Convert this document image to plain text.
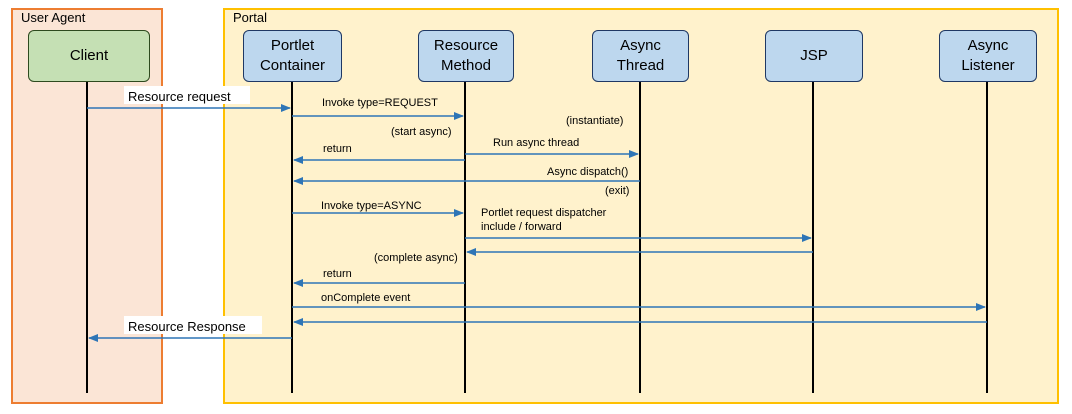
User Agent	Portal
Resource request	Invoke type=REQUEST
(instantiate)
(start async)
Run async thread
return
Async dispatch()
(exit)
Invoke type=ASYNC
Portlet request dispatcher include / forward
(complete async)
return
onComplete event
Resource Response
Client
Portlet
Container
Resource
Method
Async
Thread
JSP
Async
Listener
